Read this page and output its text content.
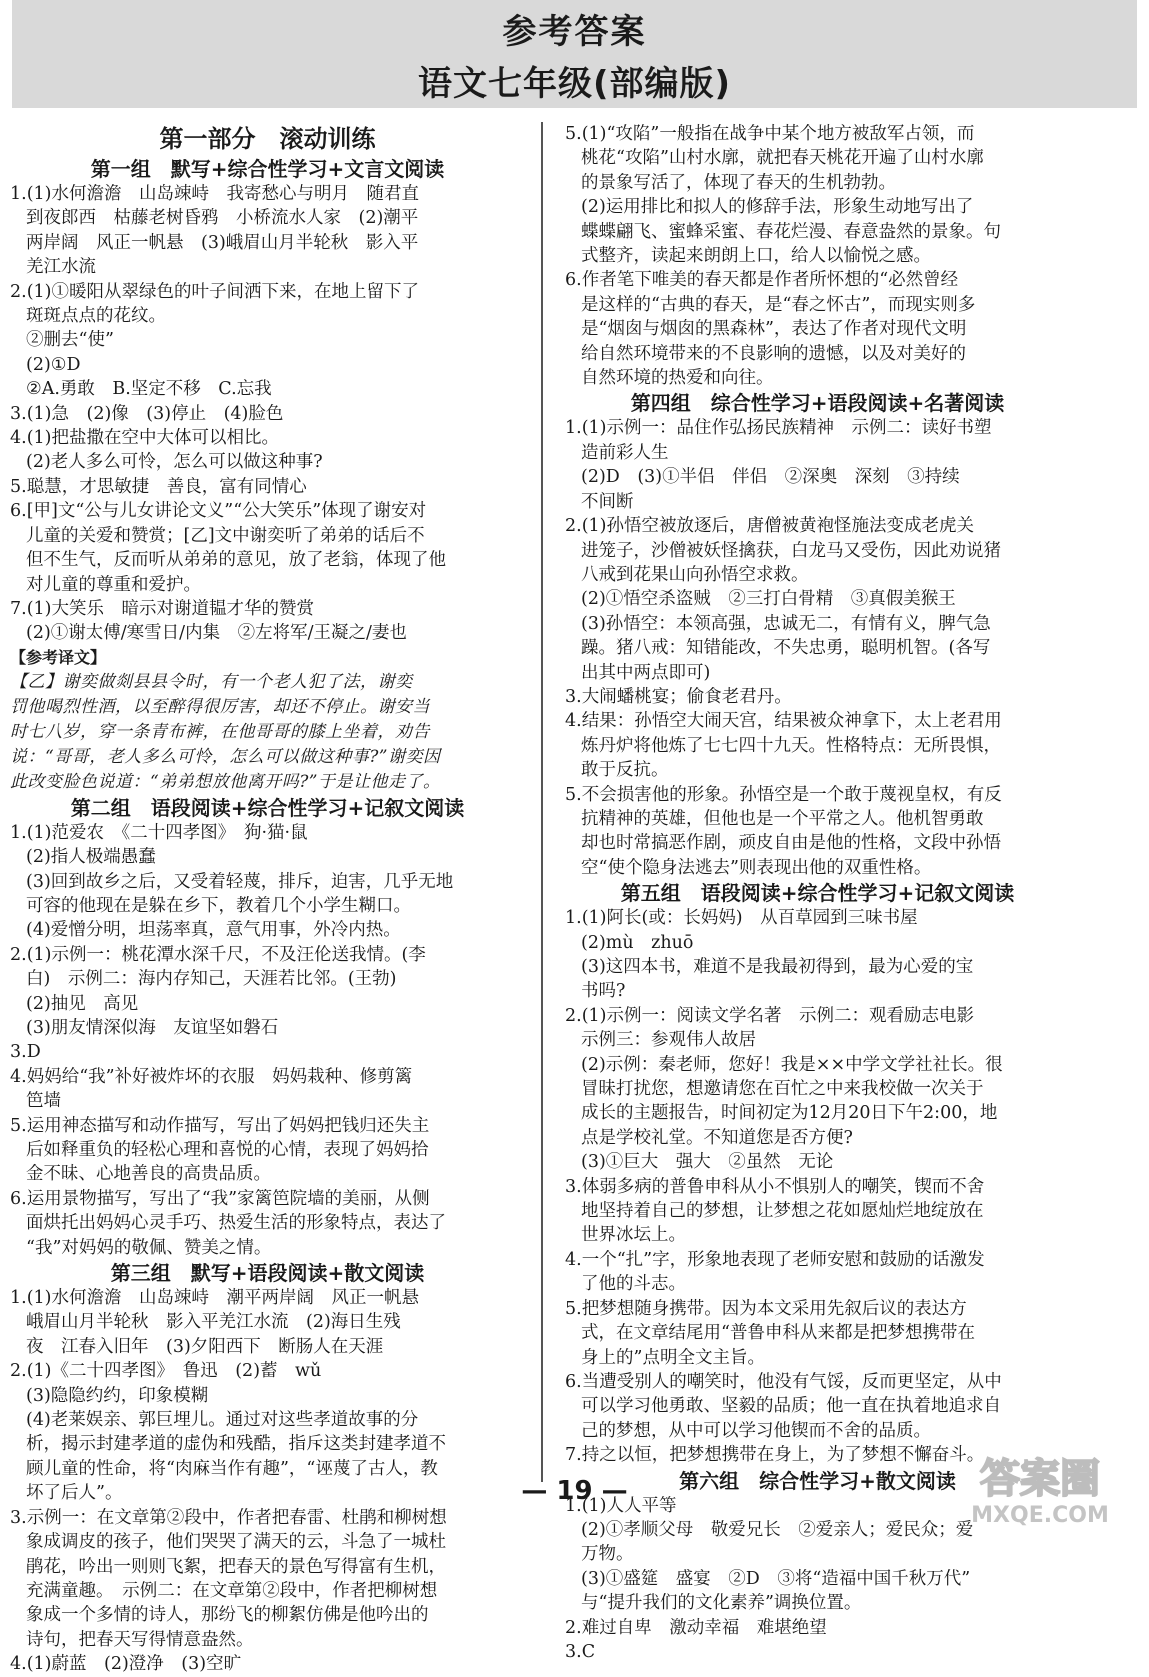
参考答案
语文七年级(部编版)
第一部分　滚动训练
第一组　默写+综合性学习+文言文阅读
1.(1)水何澹澹　山岛竦峙　我寄愁心与明月　随君直
到夜郎西　枯藤老树昏鸦　小桥流水人家　(2)潮平
两岸阔　风正一帆悬　(3)峨眉山月半轮秋　影入平
羌江水流
2.(1)①暖阳从翠绿色的叶子间洒下来，在地上留下了
斑斑点点的花纹。
②删去“使”
(2)①D
②A.勇敢　B.坚定不移　C.忘我
3.(1)急　(2)像　(3)停止　(4)脸色
4.(1)把盐撒在空中大体可以相比。
(2)老人多么可怜，怎么可以做这种事?
5.聪慧，才思敏捷　善良，富有同情心
6.[甲]文“公与儿女讲论文义”“公大笑乐”体现了谢安对
儿童的关爱和赞赏；[乙]文中谢奕听了弟弟的话后不
但不生气，反而听从弟弟的意见，放了老翁，体现了他
对儿童的尊重和爱护。
7.(1)大笑乐　暗示对谢道韫才华的赞赏
(2)①谢太傅/寒雪日/内集　②左将军/王凝之/妻也
【参考译文】
【乙】谢奕做剡县县令时，有一个老人犯了法，谢奕
罚他喝烈性酒，以至醉得很厉害，却还不停止。谢安当
时七八岁，穿一条青布裤，在他哥哥的膝上坐着，劝告
说：“哥哥，老人多么可怜，怎么可以做这种事?”谢奕因
此改变脸色说道：“弟弟想放他离开吗?”于是让他走了。
第二组　语段阅读+综合性学习+记叙文阅读
1.(1)范爱农　《二十四孝图》　狗·猫·鼠
(2)指人极端愚蠢
(3)回到故乡之后，又受着轻蔑，排斥，迫害，几乎无地
可容的他现在是躲在乡下，教着几个小学生糊口。
(4)爱憎分明，坦荡率真，意气用事，外冷内热。
2.(1)示例一：桃花潭水深千尺，不及汪伦送我情。(李
白)　示例二：海内存知己，天涯若比邻。(王勃)
(2)抽见　高见
(3)朋友情深似海　友谊坚如磐石
3.D
4.妈妈给“我”补好被炸坏的衣服　妈妈栽种、修剪篱
笆墙
5.运用神态描写和动作描写，写出了妈妈把钱归还失主
后如释重负的轻松心理和喜悦的心情，表现了妈妈拾
金不昧、心地善良的高贵品质。
6.运用景物描写，写出了“我”家篱笆院墙的美丽，从侧
面烘托出妈妈心灵手巧、热爱生活的形象特点，表达了
“我”对妈妈的敬佩、赞美之情。
第三组　默写+语段阅读+散文阅读
1.(1)水何澹澹　山岛竦峙　潮平两岸阔　风正一帆悬
峨眉山月半轮秋　影入平羌江水流　(2)海日生残
夜　江春入旧年　(3)夕阳西下　断肠人在天涯
2.(1)《二十四孝图》　鲁迅　(2)蓄　wǔ
(3)隐隐约约，印象模糊
(4)老莱娱亲、郭巨埋儿。通过对这些孝道故事的分
析，揭示封建孝道的虚伪和残酷，指斥这类封建孝道不
顾儿童的性命，将“肉麻当作有趣”，“诬蔑了古人，教
坏了后人”。
3.示例一：在文章第②段中，作者把春雷、杜鹃和柳树想
象成调皮的孩子，他们哭哭了满天的云，斗急了一城杜
鹃花，吟出一则则飞絮，把春天的景色写得富有生机，
充满童趣。　示例二：在文章第②段中，作者把柳树想
象成一个多情的诗人，那纷飞的柳絮仿佛是他吟出的
诗句，把春天写得情意盎然。
4.(1)蔚蓝　(2)澄净　(3)空旷
5.(1)“攻陷”一般指在战争中某个地方被敌军占领，而
桃花“攻陷”山村水廓，就把春天桃花开遍了山村水廓
的景象写活了，体现了春天的生机勃勃。
(2)运用排比和拟人的修辞手法，形象生动地写出了
蝶蝶翩飞、蜜蜂采蜜、春花烂漫、春意盎然的景象。句
式整齐，读起来朗朗上口，给人以愉悦之感。
6.作者笔下唯美的春天都是作者所怀想的“必然曾经
是这样的“古典的春天，是“春之怀古”，而现实则多
是“烟囱与烟囱的黑森林”，表达了作者对现代文明
给自然环境带来的不良影响的遗憾，以及对美好的
自然环境的热爱和向往。
第四组　综合性学习+语段阅读+名著阅读
1.(1)示例一：品住作弘扬民族精神　示例二：读好书塑
造前彩人生
(2)D　(3)①半侣　伴侣　②深奥　深刻　③持续
不间断
2.(1)孙悟空被放逐后，唐僧被黄袍怪施法变成老虎关
进笼子，沙僧被妖怪擒获，白龙马又受伤，因此劝说猪
八戒到花果山向孙悟空求救。
(2)①悟空杀盗贼　②三打白骨精　③真假美猴王
(3)孙悟空：本领高强，忠诚无二，有情有义，脾气急
躁。猪八戒：知错能改，不失忠勇，聪明机智。(各写
出其中两点即可)
3.大闹蟠桃宴；偷食老君丹。
4.结果：孙悟空大闹天宫，结果被众神拿下，太上老君用
炼丹炉将他炼了七七四十九天。性格特点：无所畏惧，
敢于反抗。
5.不会损害他的形象。孙悟空是一个敢于蔑视皇权，有反
抗精神的英雄，但他也是一个平常之人。他机智勇敢
却也时常搞恶作剧，顽皮自由是他的性格，文段中孙悟
空“使个隐身法逃去”则表现出他的双重性格。
第五组　语段阅读+综合性学习+记叙文阅读
1.(1)阿长(或：长妈妈)　从百草园到三味书屋
(2)mù　zhuō
(3)这四本书，难道不是我最初得到，最为心爱的宝
书吗?
2.(1)示例一：阅读文学名著　示例二：观看励志电影
示例三：参观伟人故居
(2)示例：秦老师，您好！我是××中学文学社社长。很
冒昧打扰您，想邀请您在百忙之中来我校做一次关于
成长的主题报告，时间初定为12月20日下午2:00，地
点是学校礼堂。不知道您是否方便?
(3)①巨大　强大　②虽然　无论
3.体弱多病的普鲁申科从小不惧别人的嘲笑，锲而不舍
地坚持着自己的梦想，让梦想之花如愿灿烂地绽放在
世界冰坛上。
4.一个“扎”字，形象地表现了老师安慰和鼓励的话激发
了他的斗志。
5.把梦想随身携带。因为本文采用先叙后议的表达方
式，在文章结尾用“普鲁申科从来都是把梦想携带在
身上的”点明全文主旨。
6.当遭受别人的嘲笑时，他没有气馁，反而更坚定，从中
可以学习他勇敢、坚毅的品质；他一直在执着地追求自
己的梦想，从中可以学习他锲而不舍的品质。
7.持之以恒，把梦想携带在身上，为了梦想不懈奋斗。
第六组　综合性学习+散文阅读
1.(1)人人平等
(2)①孝顺父母　敬爱兄长　②爱亲人；爱民众；爱
万物。
(3)①盛筵　盛宴　②D　③将“造福中国千秋万代”
与“提升我们的文化素养”调换位置。
2.难过自卑　激动幸福　难堪绝望
3.C
— 19 —	答案圈
MXQE.COM
